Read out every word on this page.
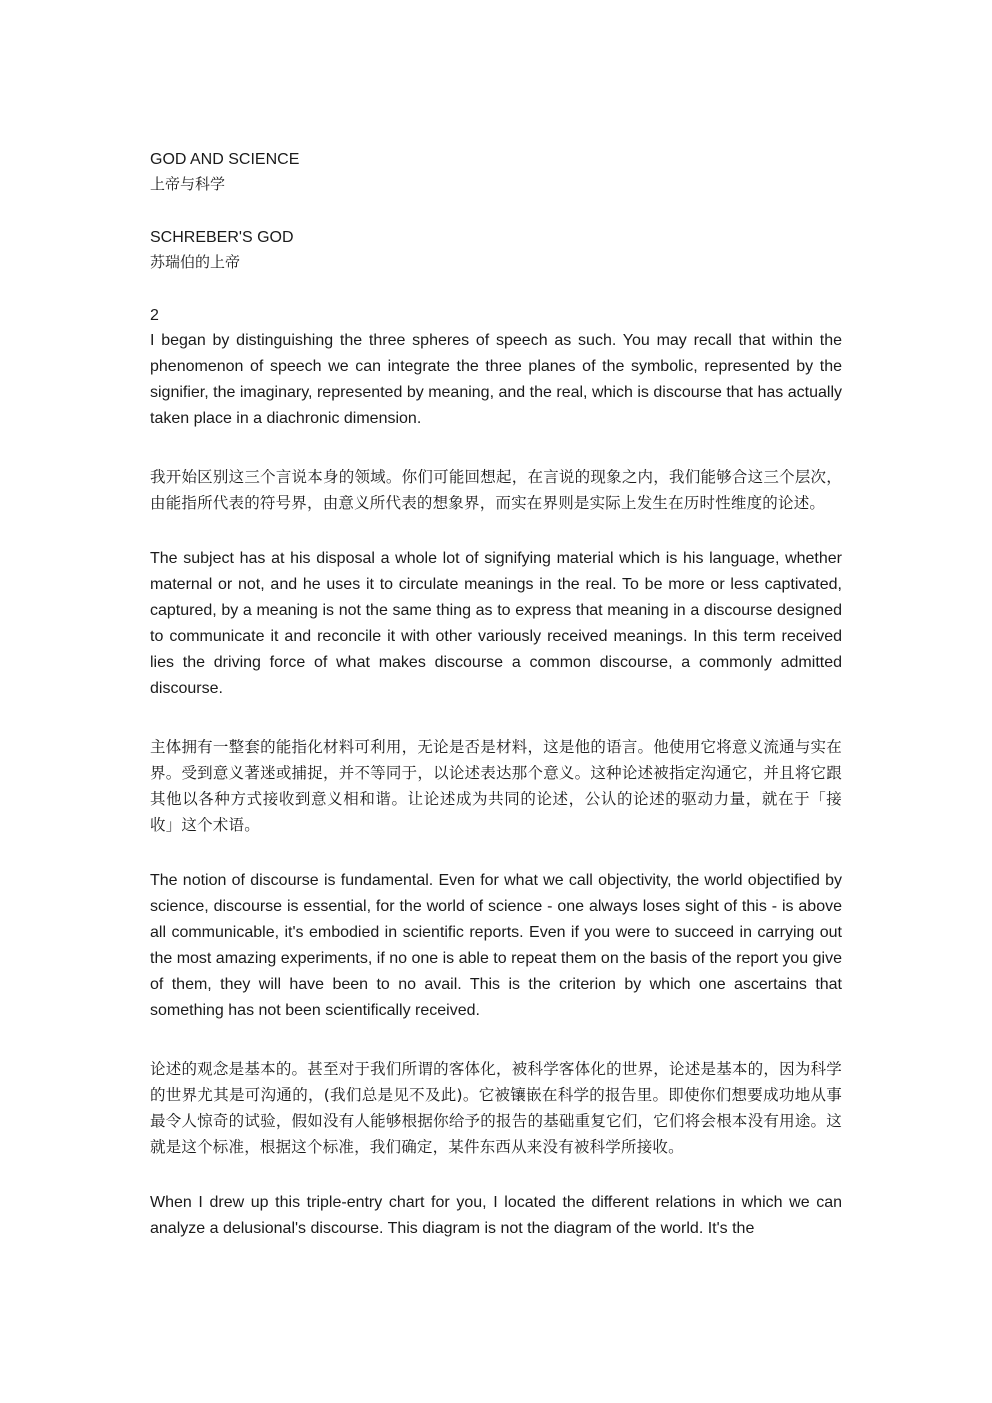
GOD AND SCIENCE
上帝与科学
SCHREBER'S GOD
苏瑞伯的上帝
2

I began by distinguishing the three spheres of speech as such. You may recall that within the phenomenon of speech we can integrate the three planes of the symbolic, represented by the signifier, the imaginary, represented by meaning, and the real, which is discourse that has actually taken place in a diachronic dimension.

我开始区别这三个言说本身的领域。你们可能回想起，在言说的现象之内，我们能够合这三个层次，由能指所代表的符号界，由意义所代表的想象界，而实在界则是实际上发生在历时性维度的论述。

The subject has at his disposal a whole lot of signifying material which is his language, whether maternal or not, and he uses it to circulate meanings in the real. To be more or less captivated, captured, by a meaning is not the same thing as to express that meaning in a discourse designed to communicate it and reconcile it with other variously received meanings. In this term received lies the driving force of what makes discourse a common discourse, a commonly admitted discourse.

主体拥有一整套的能指化材料可利用，无论是否是材料，这是他的语言。他使用它将意义流通与实在界。受到意义著迷或捕捉，并不等同于，以论述表达那个意义。这种论述被指定沟通它，并且将它跟其他以各种方式接收到意义相和谐。让论述成为共同的论述，公认的论述的驱动力量，就在于「接收」这个术语。

The notion of discourse is fundamental. Even for what we call objectivity, the world objectified by science, discourse is essential, for the world of science - one always loses sight of this - is above all communicable, it's embodied in scientific reports. Even if you were to succeed in carrying out the most amazing experiments, if no one is able to repeat them on the basis of the report you give of them, they will have been to no avail. This is the criterion by which one ascertains that something has not been scientifically received.

论述的观念是基本的。甚至对于我们所谓的客体化，被科学客体化的世界，论述是基本的，因为科学的世界尤其是可沟通的，(我们总是见不及此)。它被镶嵌在科学的报告里。即使你们想要成功地从事最令人惊奇的试验，假如没有人能够根据你给予的报告的基础重复它们，它们将会根本没有用途。这就是这个标准，根据这个标准，我们确定，某件东西从来没有被科学所接收。

When I drew up this triple-entry chart for you, I located the different relations in which we can analyze a delusional's discourse. This diagram is not the diagram of the world. It's the
